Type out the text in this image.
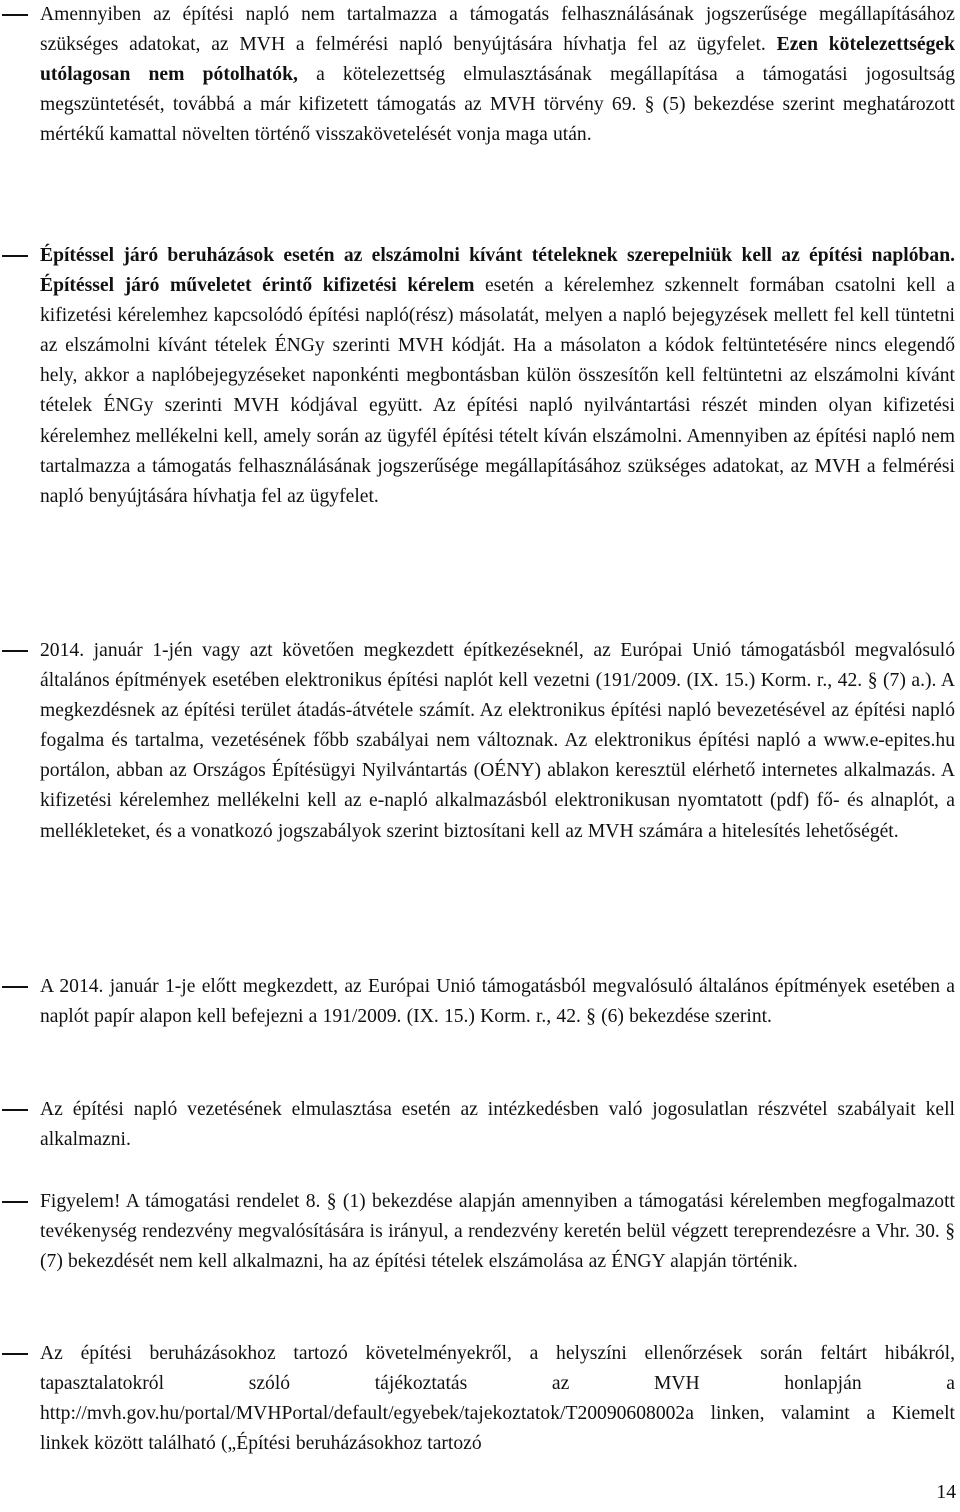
Amennyiben az építési napló nem tartalmazza a támogatás felhasználásának jogszerűsége megállapításához szükséges adatokat, az MVH a felmérési napló benyújtására hívhatja fel az ügyfelet. Ezen kötelezettségek utólagosan nem pótolhatók, a kötelezettség elmulasztásának megállapítása a támogatási jogosultság megszüntetését, továbbá a már kifizetett támogatás az MVH törvény 69. § (5) bekezdése szerint meghatározott mértékű kamattal növelten történő visszakövetelését vonja maga után.

Építéssel járó beruházások esetén az elszámolni kívánt tételeknek szerepelniük kell az építési naplóban. Építéssel járó műveletet érintő kifizetési kérelem esetén a kérelemhez szkennelt formában csatolni kell a kifizetési kérelemhez kapcsolódó építési napló(rész) másolatát, melyen a napló bejegyzések mellett fel kell tüntetni az elszámolni kívánt tételek ÉNGy szerinti MVH kódját. Ha a másolaton a kódok feltüntetésére nincs elegendő hely, akkor a naplóbejegyzéseket naponkénti megbontásban külön összesítőn kell feltüntetni az elszámolni kívánt tételek ÉNGy szerinti MVH kódjával együtt. Az építési napló nyilvántartási részét minden olyan kifizetési kérelemhez mellékelni kell, amely során az ügyfél építési tételt kíván elszámolni. Amennyiben az építési napló nem tartalmazza a támogatás felhasználásának jogszerűsége megállapításához szükséges adatokat, az MVH a felmérési napló benyújtására hívhatja fel az ügyfelet.

2014. január 1-jén vagy azt követően megkezdett építkezéseknél, az Európai Unió támogatásból megvalósuló általános építmények esetében elektronikus építési naplót kell vezetni (191/2009. (IX. 15.) Korm. r., 42. § (7) a.). A megkezdésnek az építési terület átadás-átvétele számít. Az elektronikus építési napló bevezetésével az építési napló fogalma és tartalma, vezetésének főbb szabályai nem változnak. Az elektronikus építési napló a www.e-epites.hu portálon, abban az Országos Építésügyi Nyilvántartás (OÉNY) ablakon keresztül elérhető internetes alkalmazás. A kifizetési kérelemhez mellékelni kell az e-napló alkalmazásból elektronikusan nyomtatott (pdf) fő- és alnaplót, a mellékleteket, és a vonatkozó jogszabályok szerint biztosítani kell az MVH számára a hitelesítés lehetőségét.

A 2014. január 1-je előtt megkezdett, az Európai Unió támogatásból megvalósuló általános építmények esetében a naplót papír alapon kell befejezni a 191/2009. (IX. 15.) Korm. r., 42. § (6) bekezdése szerint.

Az építési napló vezetésének elmulasztása esetén az intézkedésben való jogosulatlan részvétel szabályait kell alkalmazni.

Figyelem! A támogatási rendelet 8. § (1) bekezdése alapján amennyiben a támogatási kérelemben megfogalmazott tevékenység rendezvény megvalósítására is irányul, a rendezvény keretén belül végzett tereprendezésre a Vhr. 30. § (7) bekezdését nem kell alkalmazni, ha az építési tételek elszámolása az ÉNGY alapján történik.

Az építési beruházásokhoz tartozó követelményekről, a helyszíni ellenőrzések során feltárt hibákról, tapasztalatokról szóló tájékoztatás az MVH honlapján a http://mvh.gov.hu/portal/MVHPortal/default/egyebek/tajekoztatok/T20090608002a linken, valamint a Kiemelt linkek között található („Építési beruházásokhoz tartozó

14
